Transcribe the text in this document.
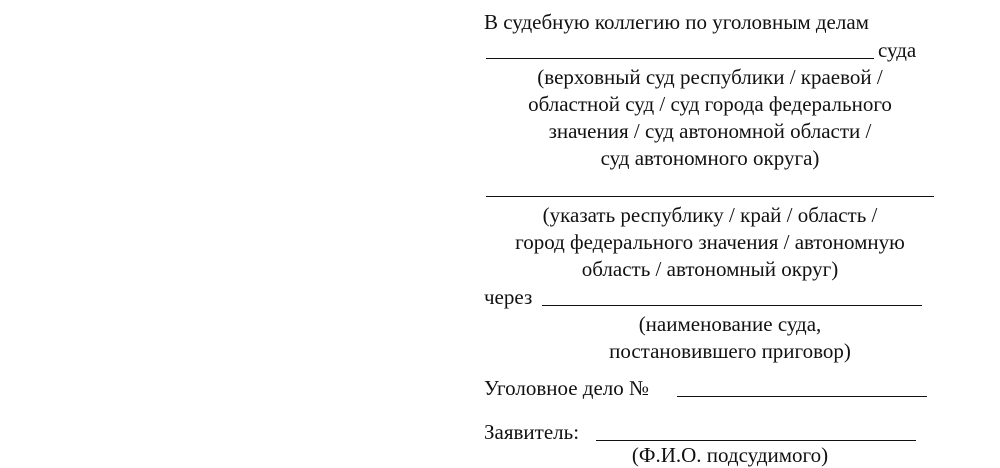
В судебную коллегию по уголовным делам
суда
(верховный суд республики / краевой /
областной суд / суд города федерального
значения / суд автономной области /
суд автономного округа)
(указать республику / край / область /
город федерального значения / автономную
область / автономный округ)
через
(наименование суда,
постановившего приговор)
Уголовное дело №
Заявитель:
(Ф.И.О. подсудимого)
